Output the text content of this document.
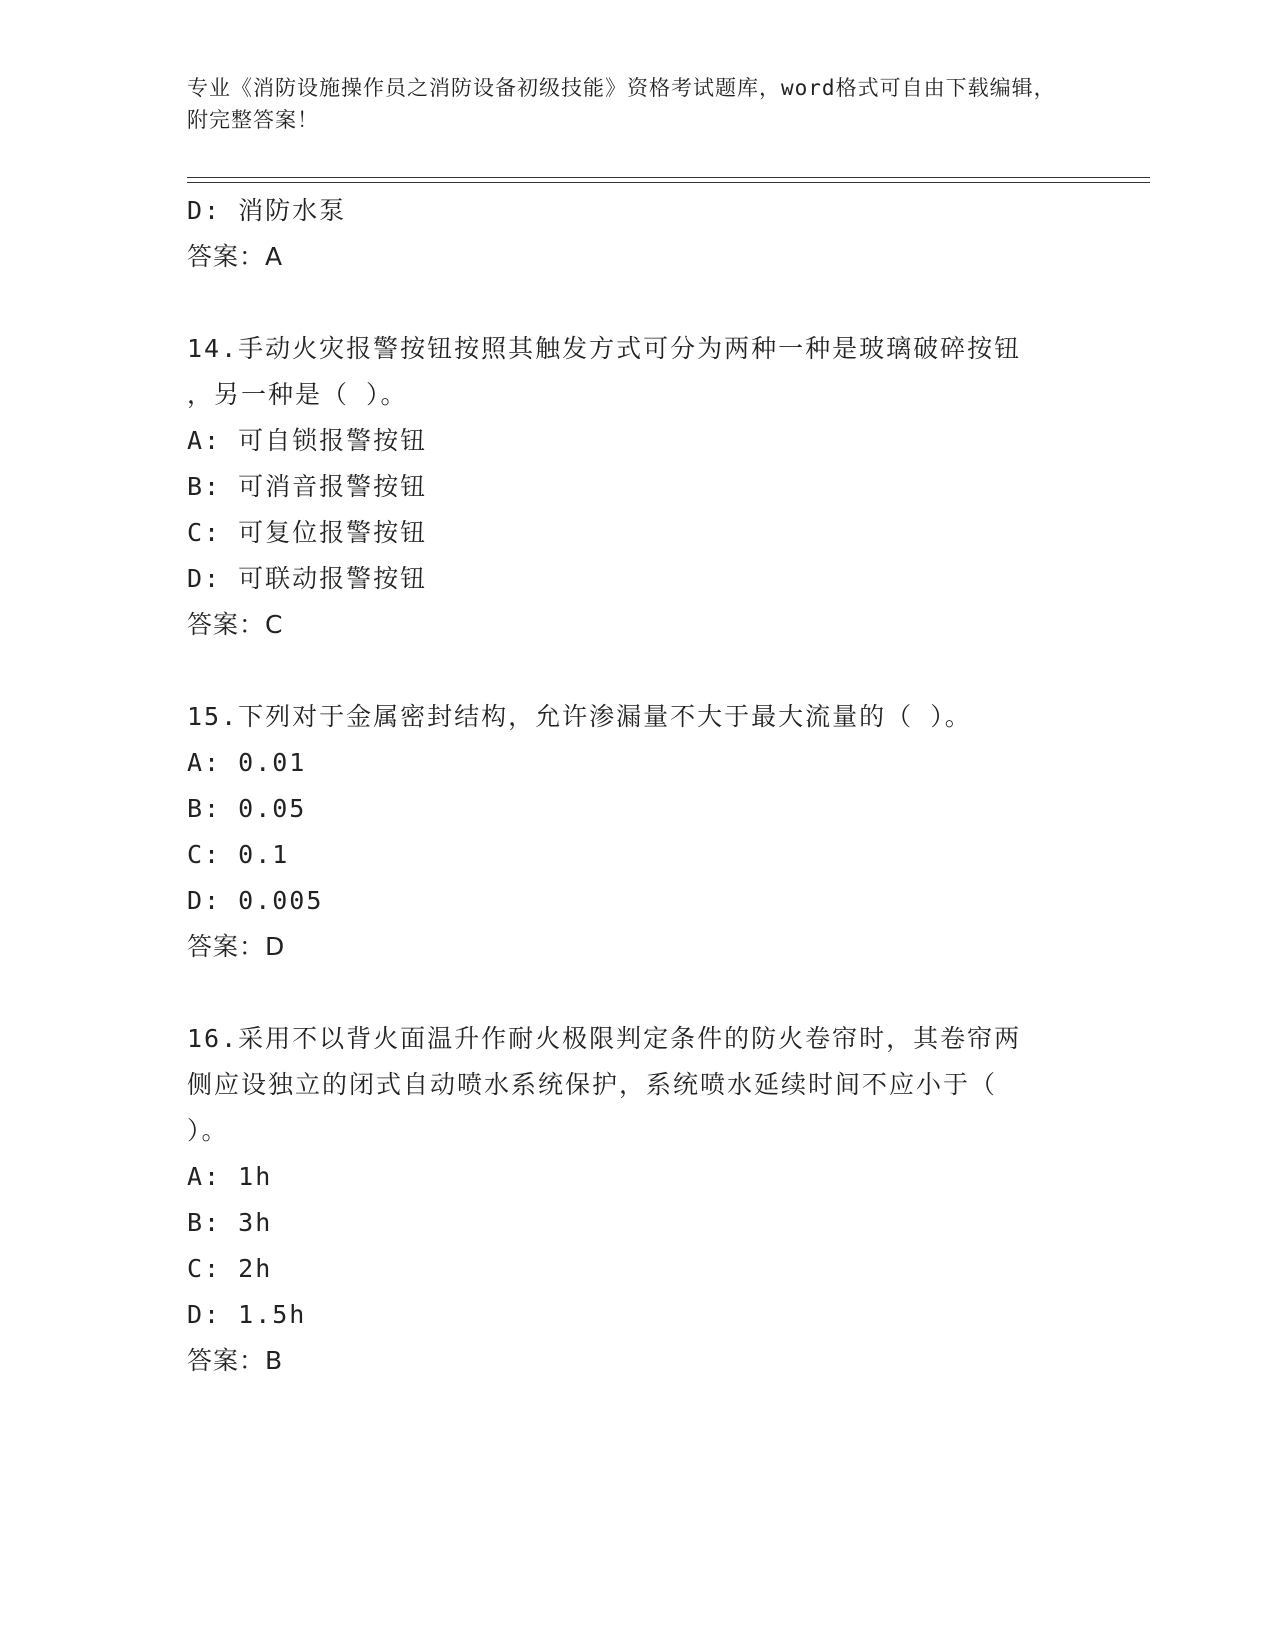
专业《消防设施操作员之消防设备初级技能》资格考试题库，word格式可自由下载编辑，附完整答案！
D: 消防水泵
答案：A
14.手动火灾报警按钮按照其触发方式可分为两种一种是玻璃破碎按钮
，另一种是（ ）。
A: 可自锁报警按钮
B: 可消音报警按钮
C: 可复位报警按钮
D: 可联动报警按钮
答案：C
15.下列对于金属密封结构，允许渗漏量不大于最大流量的（ ）。
A: 0.01
B: 0.05
C: 0.1
D: 0.005
答案：D
16.采用不以背火面温升作耐火极限判定条件的防火卷帘时，其卷帘两
侧应设独立的闭式自动喷水系统保护，系统喷水延续时间不应小于（
）。
A: 1h
B: 3h
C: 2h
D: 1.5h
答案：B
